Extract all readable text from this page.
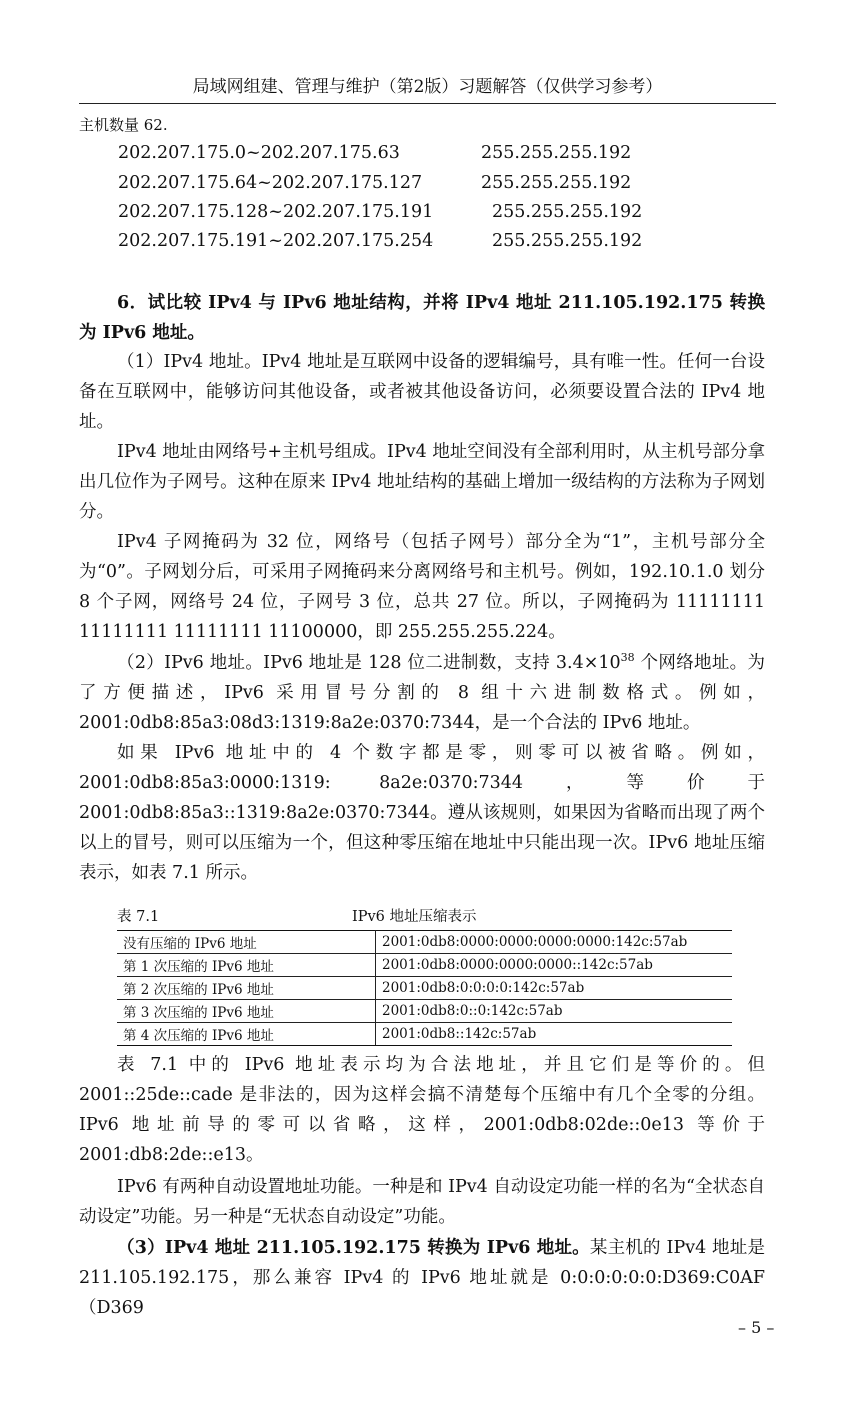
局域网组建、管理与维护（第2版）习题解答（仅供学习参考）
主机数量 62.
202.207.175.0~202.207.175.63	255.255.255.192
202.207.175.64~202.207.175.127	255.255.255.192
202.207.175.128~202.207.175.191	255.255.255.192
202.207.175.191~202.207.175.254	255.255.255.192

6．试比较 IPv4 与 IPv6 地址结构，并将 IPv4 地址 211.105.192.175 转换为 IPv6 地址。

（1）IPv4 地址。IPv4 地址是互联网中设备的逻辑编号，具有唯一性。任何一台设备在互联网中，能够访问其他设备，或者被其他设备访问，必须要设置合法的 IPv4 地址。

IPv4 地址由网络号+主机号组成。IPv4 地址空间没有全部利用时，从主机号部分拿出几位作为子网号。这种在原来 IPv4 地址结构的基础上增加一级结构的方法称为子网划分。

IPv4 子网掩码为 32 位，网络号（包括子网号）部分全为“1”，主机号部分全为“0”。子网划分后，可采用子网掩码来分离网络号和主机号。例如，192.10.1.0 划分 8 个子网，网络号 24 位，子网号 3 位，总共 27 位。所以，子网掩码为 11111111 11111111 11111111 11100000，即 255.255.255.224。

（2）IPv6 地址。IPv6 地址是 128 位二进制数，支持 $3.4\times 10^{38}$ 个网络地址。为了方便描述，IPv6 采用冒号分割的 8 组十六进制数格式。例如，2001:0db8:85a3:08d3:1319:8a2e:0370:7344，是一个合法的 IPv6 地址。

如果 IPv6 地址中的 4 个数字都是零，则零可以被省略。例如，2001:0db8:85a3:0000:1319: 8a2e:0370:7344，等价于 2001:0db8:85a3::1319:8a2e:0370:7344。遵从该规则，如果因为省略而出现了两个以上的冒号，则可以压缩为一个，但这种零压缩在地址中只能出现一次。IPv6 地址压缩表示，如表 7.1 所示。

表 7.1	IPv6 地址压缩表示
没有压缩的 IPv6 地址	2001:0db8:0000:0000:0000:0000:142c:57ab
第 1 次压缩的 IPv6 地址	2001:0db8:0000:0000:0000::142c:57ab
第 2 次压缩的 IPv6 地址	2001:0db8:0:0:0:0:142c:57ab
第 3 次压缩的 IPv6 地址	2001:0db8:0::0:142c:57ab
第 4 次压缩的 IPv6 地址	2001:0db8::142c:57ab

表 7.1 中的 IPv6 地址表示均为合法地址，并且它们是等价的。但 2001::25de::cade 是非法的，因为这样会搞不清楚每个压缩中有几个全零的分组。IPv6 地址前导的零可以省略，这样，2001:0db8:02de::0e13 等价于 2001:db8:2de::e13。

IPv6 有两种自动设置地址功能。一种是和 IPv4 自动设定功能一样的名为“全状态自动设定”功能。另一种是“无状态自动设定”功能。

（3）IPv4 地址 211.105.192.175 转换为 IPv6 地址。某主机的 IPv4 地址是 211.105.192.175，那么兼容 IPv4 的 IPv6 地址就是 0:0:0:0:0:0:D369:C0AF（D369

– 5 –
